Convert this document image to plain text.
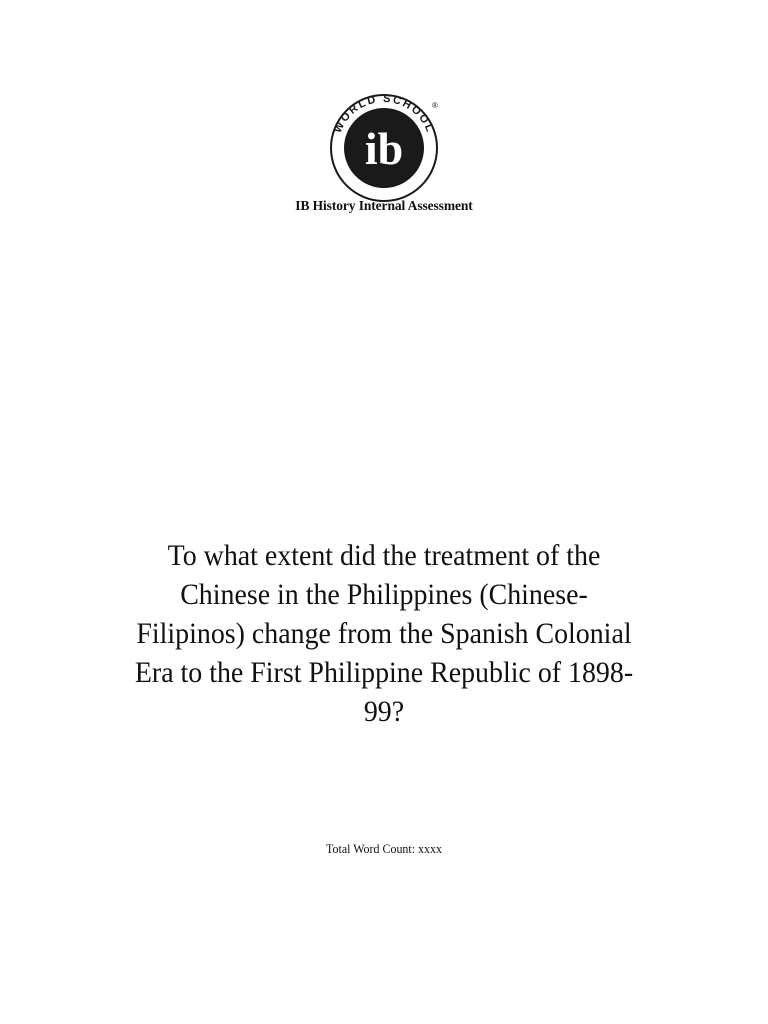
WORLD SCHOOL
ib
®
IB History Internal Assessment
To what extent did the treatment of the Chinese in the Philippines (Chinese-Filipinos) change from the Spanish Colonial Era to the First Philippine Republic of 1898-99?
Total Word Count: xxxx
